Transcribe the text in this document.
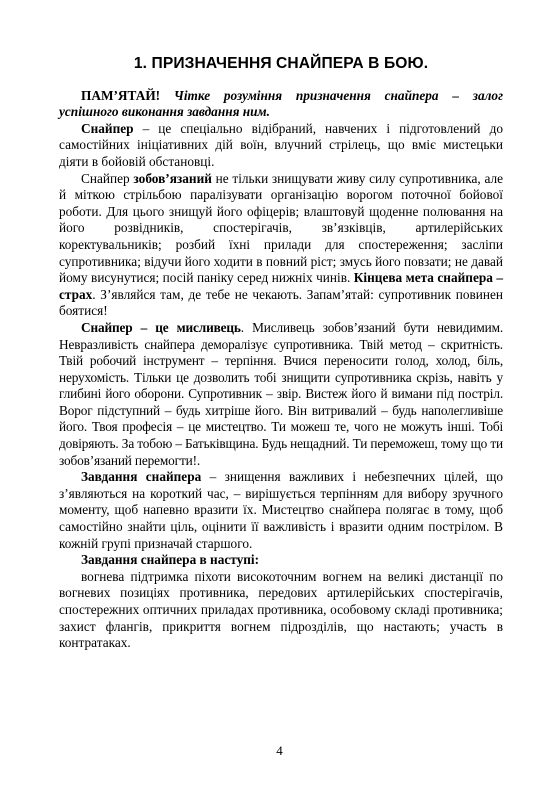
1. ПРИЗНАЧЕННЯ СНАЙПЕРА В БОЮ.

ПАМ’ЯТАЙ! Чітке розуміння призначення снайпера – залог успішного виконання завдання ним.

Снайпер – це спеціально відібраний, навчених і підготовлений до самостійних ініціативних дій воїн, влучний стрілець, що вміє мистецьки діяти в бойовій обстановці.

Снайпер зобов’язаний не тільки знищувати живу силу супротивника, але й міткою стрільбою паралізувати організацію ворогом поточної бойової роботи. Для цього знищуй його офіцерів; влаштовуй щоденне полювання на його розвідників, спостерігачів, зв’язківців, артилерійських коректувальників; розбий їхні прилади для спостереження; засліпи супротивника; відучи його ходити в повний ріст; змусь його повзати; не давай йому висунутися; посій паніку серед нижніх чинів. Кінцева мета снайпера – страх. З’являйся там, де тебе не чекають. Запам’ятай: супротивник повинен боятися!

Снайпер – це мисливець. Мисливець зобов’язаний бути невидимим. Невразливість снайпера деморалізує супротивника. Твій метод – скритність. Твій робочий інструмент – терпіння. Вчися переносити голод, холод, біль, нерухомість. Тільки це дозволить тобі знищити супротивника скрізь, навіть у глибині його оборони. Супротивник – звір. Вистеж його й вимани під постріл. Ворог підступний – будь хитріше його. Він витривалий – будь наполегливіше його. Твоя професія – це мистецтво. Ти можеш те, чого не можуть інші. Тобі довіряють. За тобою – Батьківщина. Будь нещадний. Ти переможеш, тому що ти зобов’язаний перемогти!.

Завдання снайпера – знищення важливих і небезпечних цілей, що з’являються на короткий час, – вирішується терпінням для вибору зручного моменту, щоб напевно вразити їх. Мистецтво снайпера полягає в тому, щоб самостійно знайти ціль, оцінити її важливість і вразити одним пострілом. В кожній групі призначай старшого.

Завдання снайпера в наступі:

вогнева підтримка піхоти високоточним вогнем на великі дистанції по вогневих позиціях противника, передових артилерійських спостерігачів, спостережних оптичних приладах противника, особовому складі противника; захист флангів, прикриття вогнем підрозділів, що настають; участь в контратаках.

4
